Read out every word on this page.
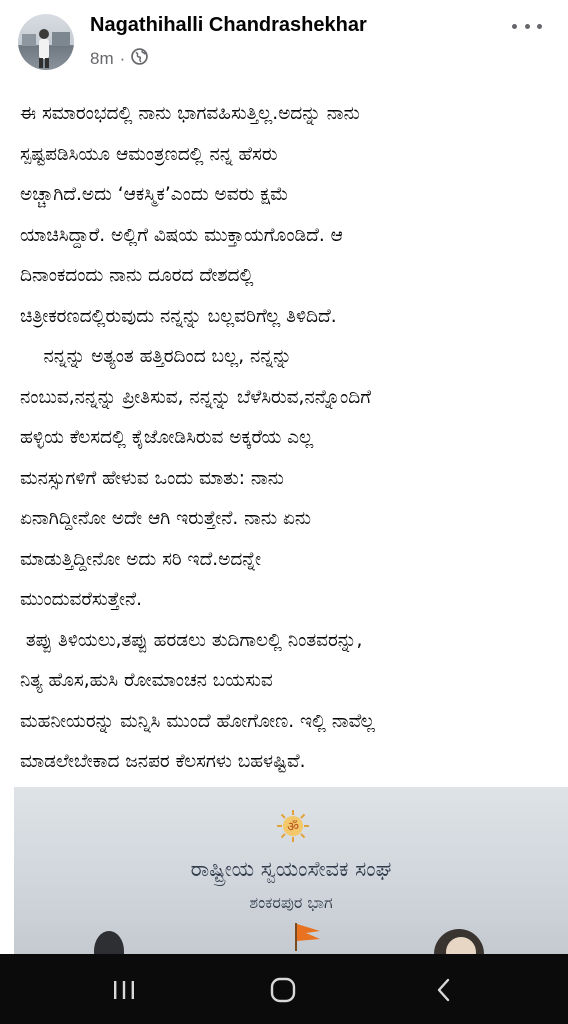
Nagathihalli Chandrashekhar
8m ·
ಈ ಸಮಾರಂಭದಲ್ಲಿ ನಾನು ಭಾಗವಹಿಸುತ್ತಿಲ್ಲ.ಅದನ್ನು ನಾನು
ಸ್ಪಷ್ಟಪಡಿಸಿಯೂ ಆಮಂತ್ರಣದಲ್ಲಿ ನನ್ನ ಹೆಸರು
ಅಚ್ಚಾಗಿದೆ.ಅದು ‘ಆಕಸ್ಮಿಕ’ಎಂದು ಅವರು ಕ್ಷಮೆ
ಯಾಚಿಸಿದ್ದಾರೆ. ಅಲ್ಲಿಗೆ ವಿಷಯ ಮುಕ್ತಾಯಗೊಂಡಿದೆ. ಆ
ದಿನಾಂಕದಂದು ನಾನು ದೂರದ ದೇಶದಲ್ಲಿ
ಚಿತ್ರೀಕರಣದಲ್ಲಿರುವುದು ನನ್ನನ್ನು ಬಲ್ಲವರಿಗೆಲ್ಲ ತಿಳಿದಿದೆ.
ನನ್ನನ್ನು ಅತ್ಯಂತ ಹತ್ತಿರದಿಂದ ಬಲ್ಲ, ನನ್ನನ್ನು
ನಂಬುವ,ನನ್ನನ್ನು ಪ್ರೀತಿಸುವ, ನನ್ನನ್ನು ಬೆಳೆಸಿರುವ,ನನ್ನೊಂದಿಗೆ
ಹಳ್ಳಿಯ ಕೆಲಸದಲ್ಲಿ ಕೈಜೋಡಿಸಿರುವ ಅಕ್ಕರೆಯ ಎಲ್ಲ
ಮನಸ್ಸುಗಳಿಗೆ ಹೇಳುವ ಒಂದು ಮಾತು: ನಾನು
ಏನಾಗಿದ್ದೀನೋ ಅದೇ ಆಗಿ ಇರುತ್ತೇನೆ. ನಾನು ಏನು
ಮಾಡುತ್ತಿದ್ದೀನೋ ಅದು ಸರಿ ಇದೆ.ಅದನ್ನೇ
ಮುಂದುವರೆಸುತ್ತೇನೆ.
ತಪ್ಪು ತಿಳಿಯಲು,ತಪ್ಪು ಹರಡಲು ತುದಿಗಾಲಲ್ಲಿ ನಿಂತವರನ್ನು,
ನಿತ್ಯ ಹೊಸ,ಹುಸಿ ರೋಮಾಂಚನ ಬಯಸುವ
ಮಹನೀಯರನ್ನು ಮನ್ನಿಸಿ ಮುಂದೆ ಹೋಗೋಣ. ಇಲ್ಲಿ ನಾವೆಲ್ಲ
ಮಾಡಲೇಬೇಕಾದ ಜನಪರ ಕೆಲಸಗಳು ಬಹಳಷ್ಟಿವೆ.
ॐ
ರಾಷ್ಟ್ರೀಯ ಸ್ವಯಂಸೇವಕ ಸಂಘ
ಶಂಕರಪುರ ಭಾಗ
